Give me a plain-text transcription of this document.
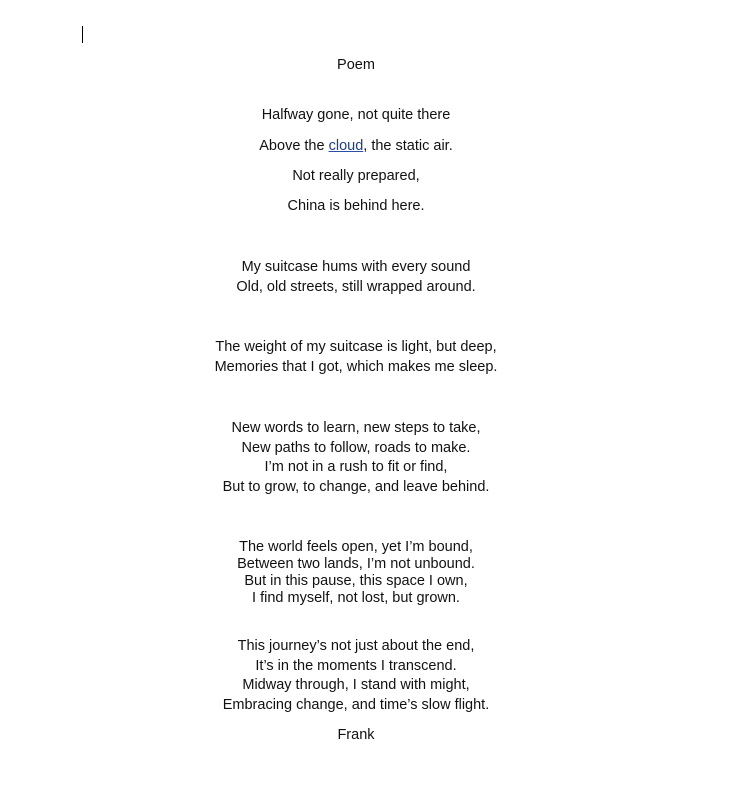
Poem
Halfway gone, not quite there
Above the cloud, the static air.
Not really prepared,
China is behind here.
My suitcase hums with every sound
Old, old streets, still wrapped around.
The weight of my suitcase is light, but deep,
Memories that I got, which makes me sleep.
New words to learn, new steps to take,
New paths to follow, roads to make.
I’m not in a rush to fit or find,
But to grow, to change, and leave behind.
The world feels open, yet I’m bound,
Between two lands, I’m not unbound.
But in this pause, this space I own,
I find myself, not lost, but grown.
This journey’s not just about the end,
It’s in the moments I transcend.
Midway through, I stand with might,
Embracing change, and time’s slow flight.
Frank
